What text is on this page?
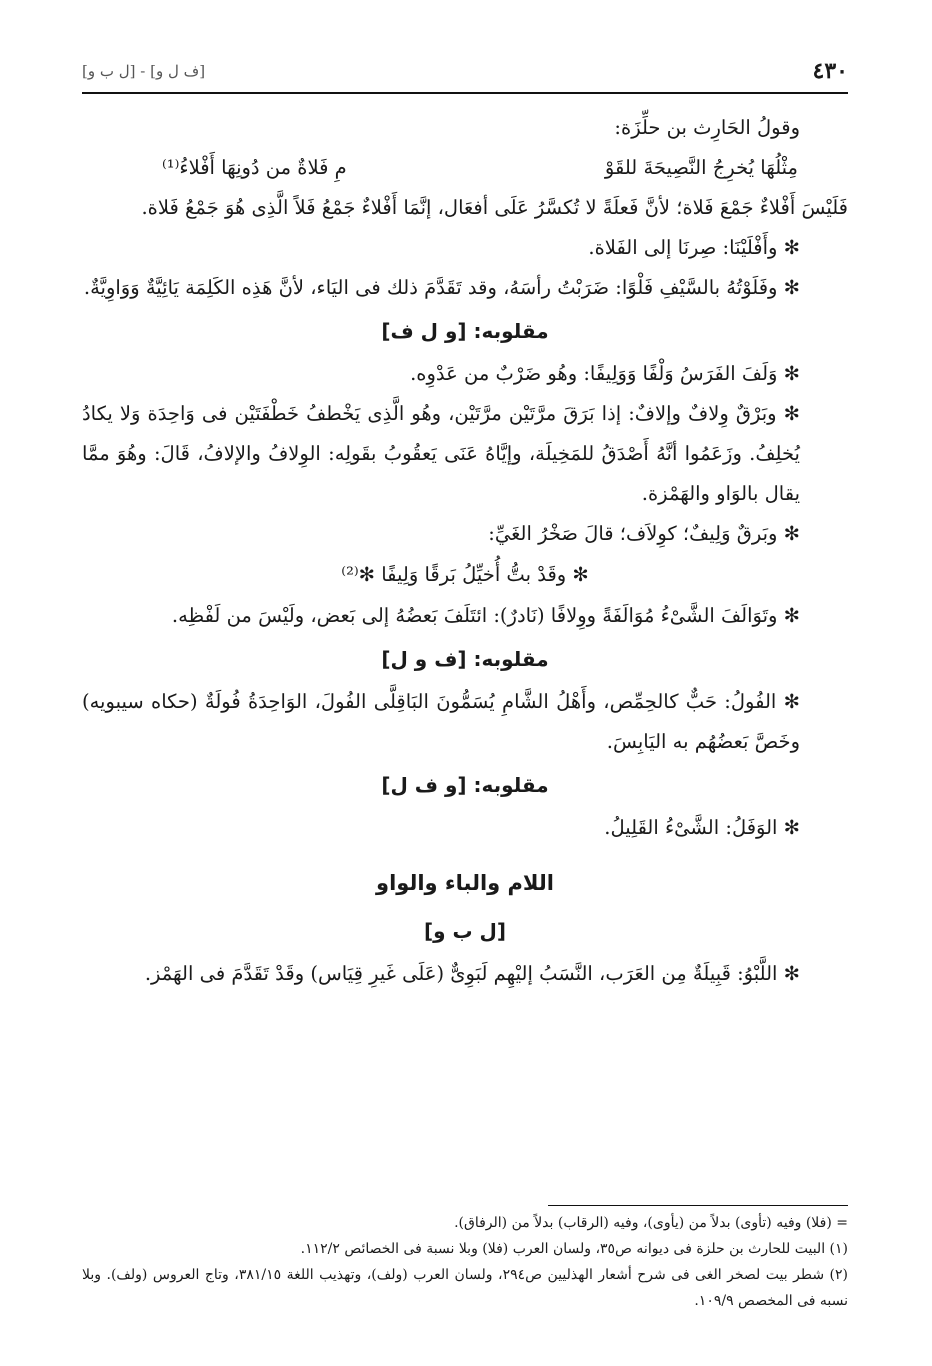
٤٣٠
[ف ل و] - [ل ب و]

وقولُ الحَارِث بن حلِّزَة:

مِثْلُهَا يُخرِجُ النَّصِيحَةَ للقَوْ
مِ فَلاةٌ من دُونِهَا أَفْلاءُ⁽¹⁾

فَلَيْسَ أَفْلاءٌ جَمْعَ فَلاة؛ لأنَّ فَعلَةً لا تُكسَّرُ عَلَى أفعَال، إنَّمَا أَفْلاءٌ جَمْعُ فَلاً الَّذِى هُوَ جَمْعُ فَلاة.

✻ وأَفْلَيْنَا: صِرنَا إلى الفَلاة.

✻ وفَلَوْتُهُ بالسَّيْفِ فَلْوًا: ضَرَبْتُ رأسَهُ، وقد تَقَدَّمَ ذلك فى اليَاء، لأنَّ هَذِه الكَلِمَة يَائِيَّةٌ وَوَاوِيَّةٌ.

مقلوبه: [و ل ف]

✻ وَلَفَ الفَرَسُ وَلْفًا وَوَلِيفًا: وهُو ضَرْبٌ من عَدْوِه.

✻ وبَرْقٌ وِلافٌ وإلافٌ: إذا بَرَقَ مرَّتَيْن مرَّتَيْن، وهُو الَّذِى يَخْطفُ خَطْفَتَيْن فى وَاحِدَة وَلا يكادُ يُخلِفُ. وزَعَمُوا أنَّهُ أَصْدَقُ للمَخِيلَة، وإيَّاهُ عَنَى يَعقُوبُ بقَولِه: الوِلافُ والإلافُ، قَالَ: وهُوَ ممَّا يقال بالوَاو والهَمْزة.

✻ وبَرقٌ وَلِيفٌ؛ كوِلاَف؛ قالَ صَخْرُ الغَيِّ:

✻ وقَدْ بتُّ أُخيِّلُ بَرقًا وَلِيفًا ✻⁽²⁾

✻ وتَوَالَفَ الشَّىْءُ مُوَالَفَةً ووِلافًا (نَادرٌ): ائتَلَفَ بَعضُهُ إلى بَعض، ولَيْسَ من لَفْظِه.

مقلوبه: [ف و ل]

✻ الفُولُ: حَبٌّ كالحِمِّص، وأَهْلُ الشَّامِ يُسَمُّونَ البَاقِلَّى الفُولَ، الوَاحِدَةُ فُولَةٌ (حكاه سيبويه) وخَصَّ بَعضُهُم به اليَابِسَ.

مقلوبه: [و ف ل]

✻ الوَفَلُ: الشَّىْءُ القَلِيلُ.

اللام والباء والواو

[ل ب و]

✻ اللَّبْوُ: قَبِيلَةٌ مِن العَرَب، النَّسَبُ إليْهِم لَبَوِىٌّ (عَلَى غَيرِ قِيَاس) وقَدْ تَقَدَّمَ فى الهَمْز.

= (فلا) وفيه (تأوى) بدلاً من (يأوى)، وفيه (الرقاب) بدلاً من (الرفاق).

(١) البيت للحارث بن حلزة فى ديوانه ص٣٥، ولسان العرب (فلا) وبلا نسبة فى الخصائص ١١٢/٢.

(٢) شطر بيت لصخر الغى فى شرح أشعار الهذليين ص٢٩٤، ولسان العرب (ولف)، وتهذيب اللغة ٣٨١/١٥، وتاج العروس (ولف). وبلا نسبه فى المخصص ١٠٩/٩.
